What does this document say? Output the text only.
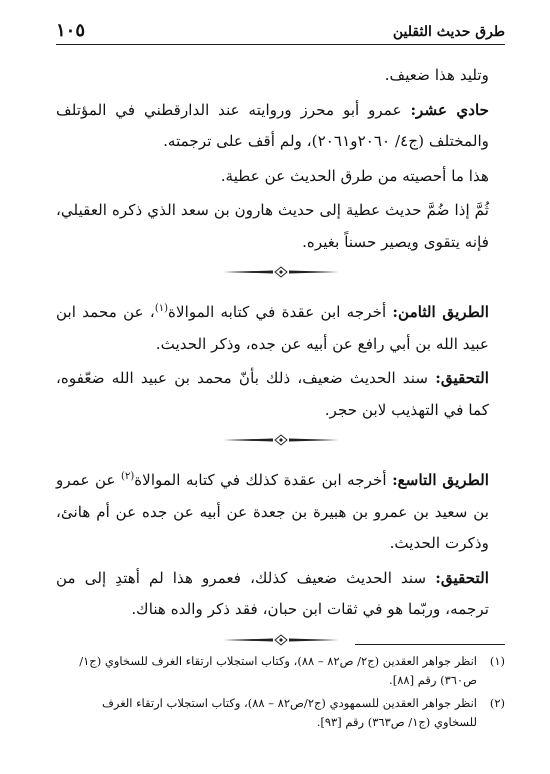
طرق حديث الثقلين
١٠٥

وتليد هذا ضعيف.

حادي عشر: عمرو أبو محرز وروايته عند الدارقطني في المؤتلف والمختلف (ج٤/ ٢٠٦٠و٢٠٦١)، ولم أقف على ترجمته.

هذا ما أحصيته من طرق الحديث عن عطية.

ثُمَّ إذا ضُمَّ حديث عطية إلى حديث هارون بن سعد الذي ذكره العقيلي، فإنه يتقوى ويصير حسناً بغيره.

الطريق الثامن: أخرجه ابن عقدة في كتابه الموالاة$^{(١)}$، عن محمد ابن عبيد الله بن أبي رافع عن أبيه عن جده، وذكر الحديث.

التحقيق: سند الحديث ضعيف، ذلك بأنّ محمد بن عبيد الله ضعّفوه، كما في التهذيب لابن حجر.

الطريق التاسع: أخرجه ابن عقدة كذلك في كتابه الموالاة$^{(٢)}$ عن عمرو بن سعيد بن عمرو بن هبيرة بن جعدة عن أبيه عن جده عن أم هانئ، وذكرت الحديث.

التحقيق: سند الحديث ضعيف كذلك، فعمرو هذا لم أهتدِ إلى من ترجمه، وربّما هو في ثقات ابن حبان، فقد ذكر والده هناك.

(١)
انظر جواهر العقدين (ج٢/ ص٨٢ – ٨٨)، وكتاب استجلاب ارتقاء الغرف للسخاوي (ج١/ص٣٦٠) رقم [٨٨].
(٢)
انظر جواهر العقدين للسمهودي (ج٢/ص٨٢ – ٨٨)، وكتاب استجلاب ارتقاء الغرف للسخاوي (ج١/ ص٣٦٣) رقم [٩٣].
